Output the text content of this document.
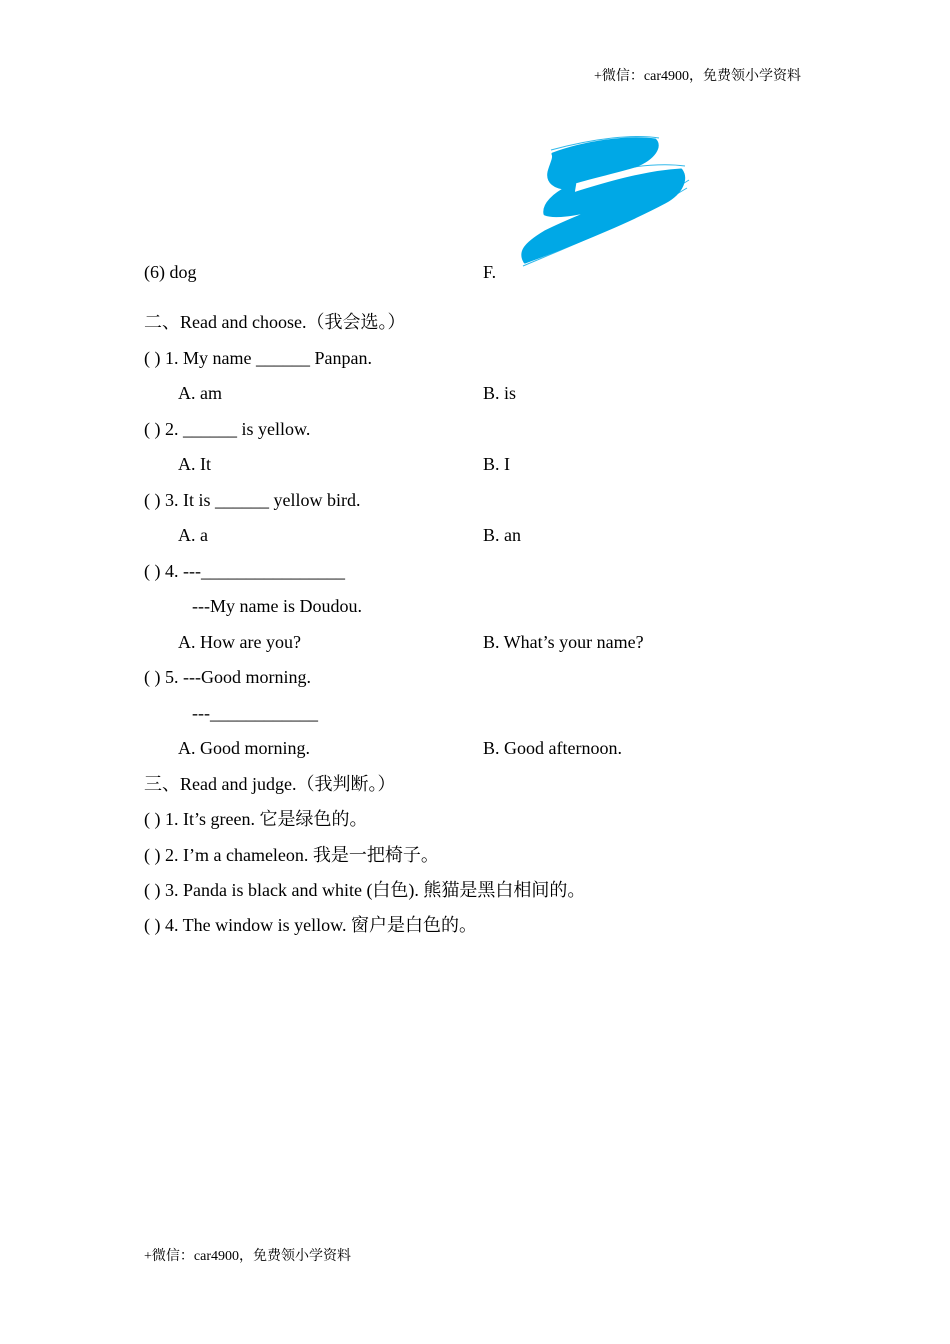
+微信：car4900，免费领小学资料
(6) dog	F.
二、Read and choose.（我会选。）
( ) 1. My name ______ Panpan.
A. am	B. is
( ) 2. ______ is yellow.
A. It	B. I
( ) 3. It is ______ yellow bird.
A. a	B. an
( ) 4. ---________________
---My name is Doudou.
A. How are you?	B. What’s your name?
( ) 5. ---Good morning.
---____________
A. Good morning.	B. Good afternoon.
三、Read and judge.（我判断。）
( ) 1. It’s green. 它是绿色的。
( ) 2. I’m a chameleon. 我是一把椅子。
( ) 3. Panda is black and white (白色). 熊猫是黑白相间的。
( ) 4. The window is yellow. 窗户是白色的。
+微信：car4900，免费领小学资料
